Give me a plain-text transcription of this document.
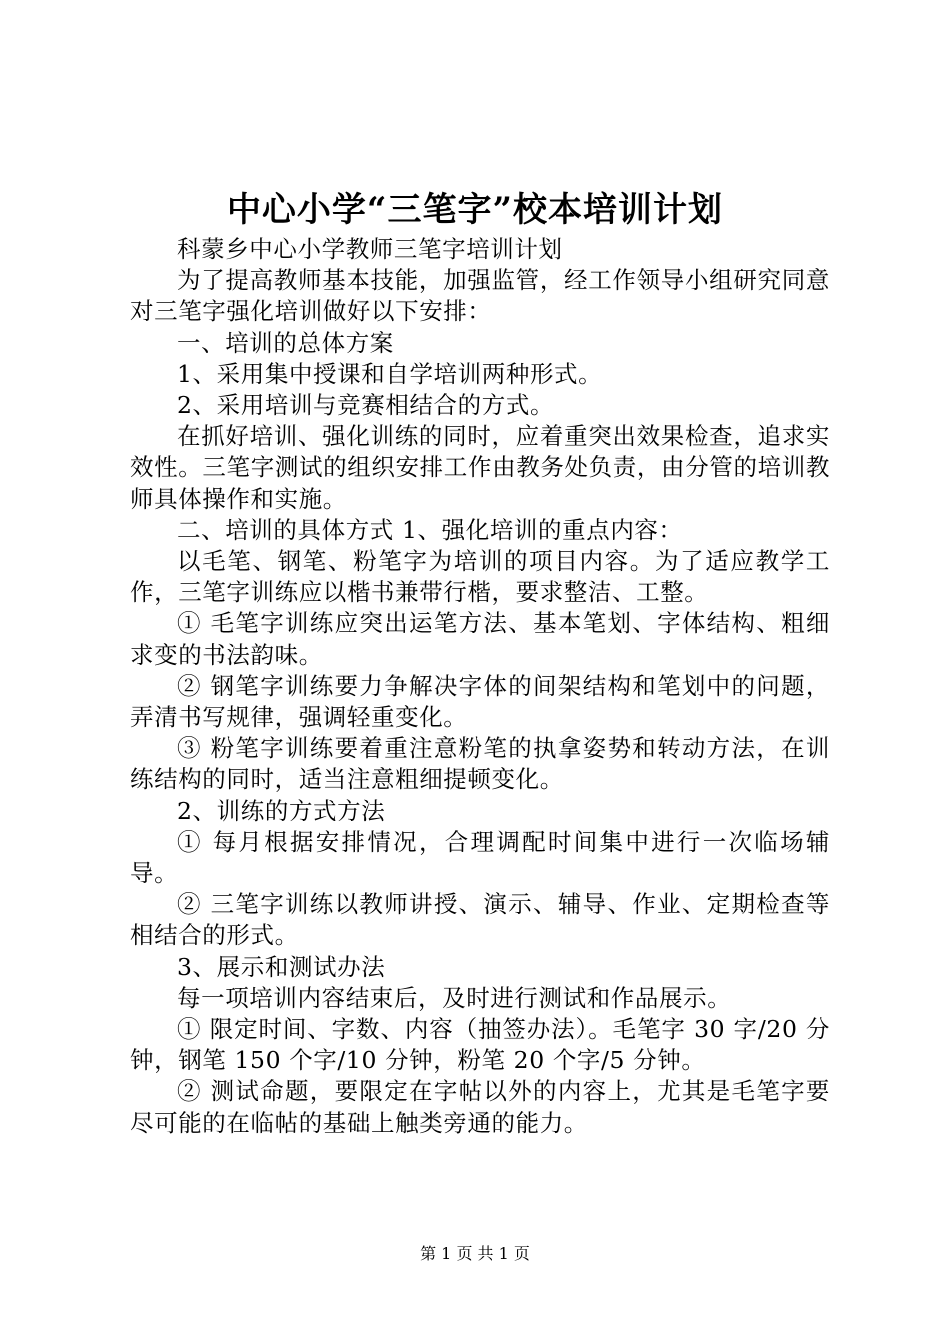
中心小学“三笔字”校本培训计划

科蒙乡中心小学教师三笔字培训计划

为了提高教师基本技能，加强监管，经工作领导小组研究同意对三笔字强化培训做好以下安排：

一、培训的总体方案

1、采用集中授课和自学培训两种形式。

2、采用培训与竞赛相结合的方式。

在抓好培训、强化训练的同时，应着重突出效果检查，追求实效性。三笔字测试的组织安排工作由教务处负责，由分管的培训教师具体操作和实施。

二、培训的具体方式 1、强化培训的重点内容：

以毛笔、钢笔、粉笔字为培训的项目内容。为了适应教学工作，三笔字训练应以楷书兼带行楷，要求整洁、工整。

① 毛笔字训练应突出运笔方法、基本笔划、字体结构、粗细求变的书法韵味。

② 钢笔字训练要力争解决字体的间架结构和笔划中的问题，弄清书写规律，强调轻重变化。

③ 粉笔字训练要着重注意粉笔的执拿姿势和转动方法，在训练结构的同时，适当注意粗细提顿变化。

2、训练的方式方法

① 每月根据安排情况，合理调配时间集中进行一次临场辅导。

② 三笔字训练以教师讲授、演示、辅导、作业、定期检查等相结合的形式。

3、展示和测试办法

每一项培训内容结束后，及时进行测试和作品展示。

① 限定时间、字数、内容（抽签办法）。毛笔字 30 字/20 分钟，钢笔 150 个字/10 分钟，粉笔 20 个字/5 分钟。

② 测试命题，要限定在字帖以外的内容上，尤其是毛笔字要尽可能的在临帖的基础上触类旁通的能力。

第 1 页 共 1 页
